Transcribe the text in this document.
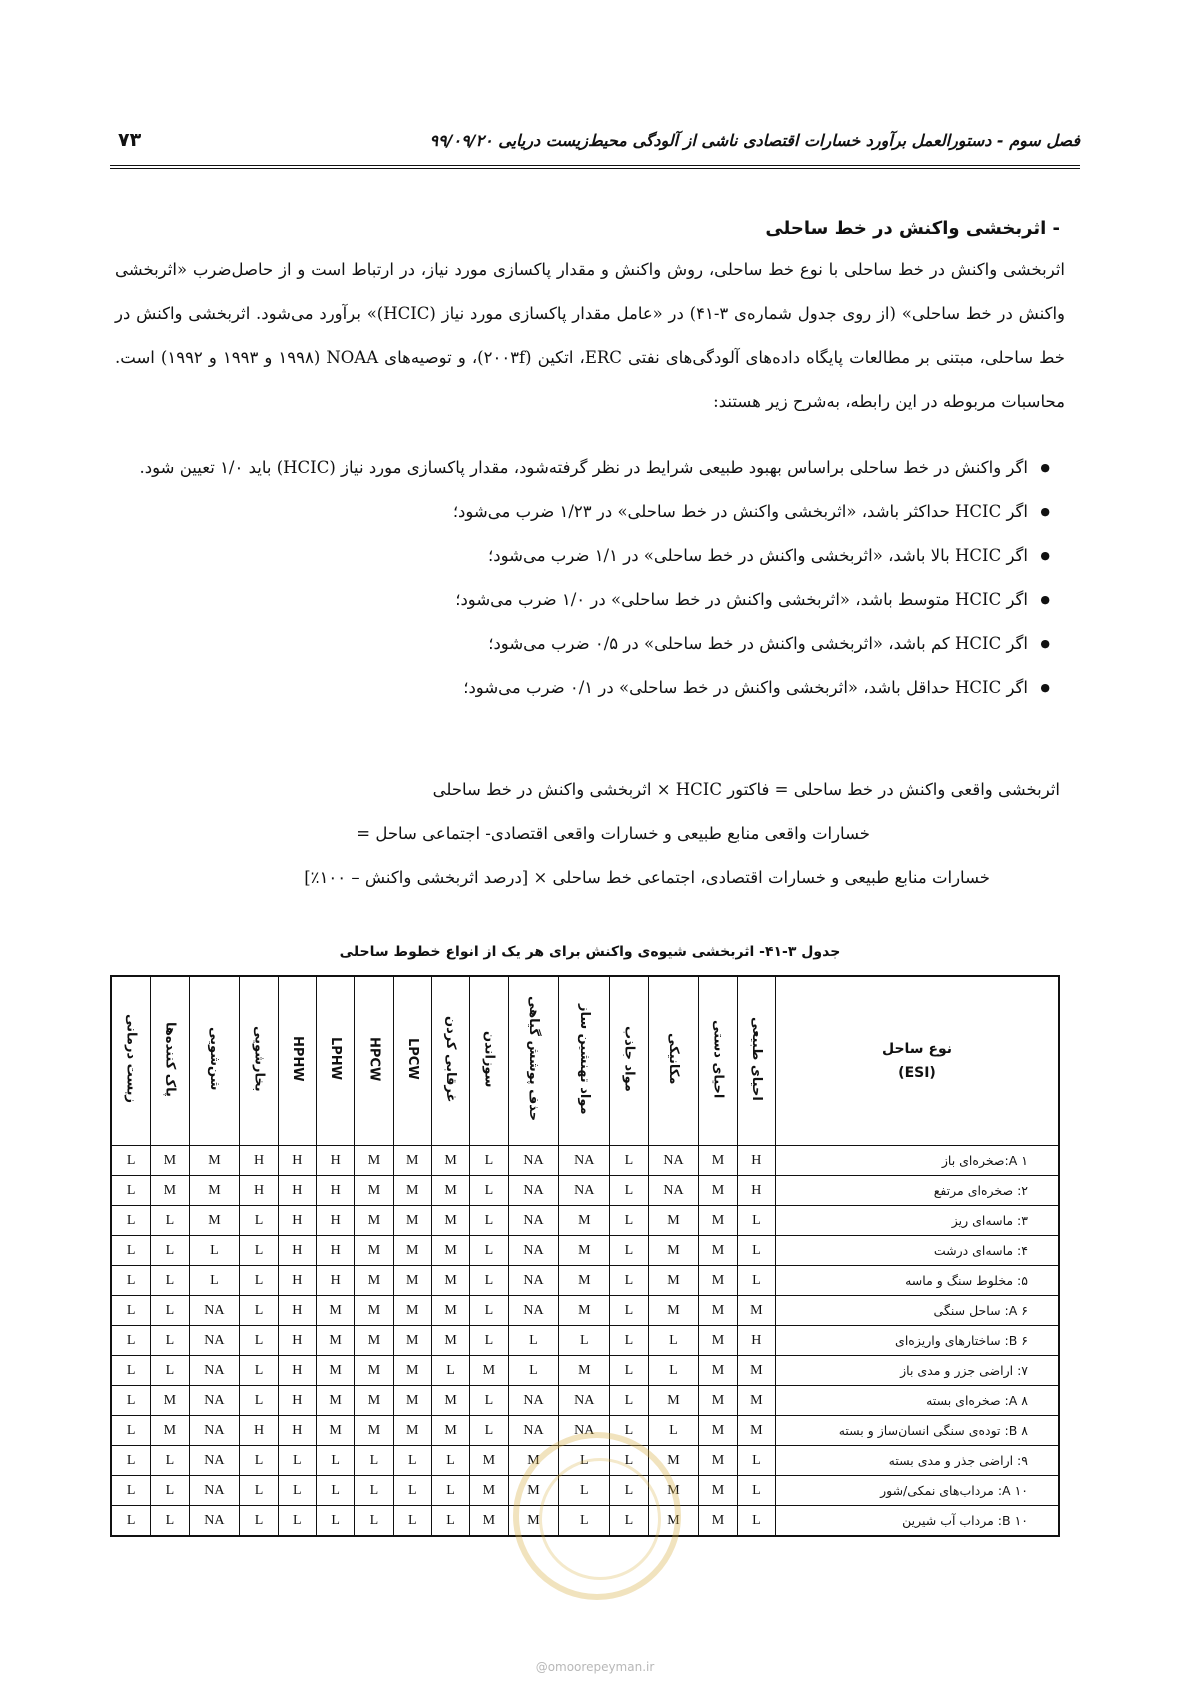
فصل سوم - دستورالعمل برآورد خسارات اقتصادی ناشی از آلودگی محیط‌زیست دریایی ۹۹/۰۹/۲۰
۷۳
- اثربخشی واکنش در خط ساحلی
اثربخشی واکنش در خط ساحلی با نوع خط ساحلی، روش واکنش و مقدار پاکسازی مورد نیاز، در ارتباط است و از حاصل‌ضرب «اثربخشی واکنش در خط ساحلی» (از روی جدول شماره‌ی ۳-۴۱) در «عامل مقدار پاکسازی مورد نیاز (HCIC)» برآورد می‌شود. اثربخشی واکنش در خط ساحلی، مبتنی بر مطالعات پایگاه داده‌های آلودگی‌های نفتی ERC، اتکین (۲۰۰۳f)، و توصیه‌های NOAA (۱۹۹۸ و ۱۹۹۳ و ۱۹۹۲) است. محاسبات مربوطه در این رابطه، به‌شرح زیر هستند:
● اگر واکنش در خط ساحلی براساس بهبود طبیعی شرایط در نظر گرفته‌شود، مقدار پاکسازی مورد نیاز (HCIC) باید ۱/۰ تعیین شود.
● اگر HCIC حداکثر باشد، «اثربخشی واکنش در خط ساحلی» در ۱/۲۳ ضرب می‌شود؛
● اگر HCIC بالا باشد، «اثربخشی واکنش در خط ساحلی» در ۱/۱ ضرب می‌شود؛
● اگر HCIC متوسط باشد، «اثربخشی واکنش در خط ساحلی» در ۱/۰ ضرب می‌شود؛
● اگر HCIC کم باشد، «اثربخشی واکنش در خط ساحلی» در ۰/۵ ضرب می‌شود؛
● اگر HCIC حداقل باشد، «اثربخشی واکنش در خط ساحلی» در ۰/۱ ضرب می‌شود؛
اثربخشی واقعی واکنش در خط ساحلی = فاکتور HCIC × اثربخشی واکنش در خط ساحلی
خسارات واقعی منابع طبیعی و خسارات واقعی اقتصادی- اجتماعی ساحل =
خسارات منابع طبیعی و خسارات اقتصادی، اجتماعی خط ساحلی × [درصد اثربخشی واکنش – ۱۰۰٪]
جدول ۳-۴۱- اثربخشی شیوه‌ی واکنش برای هر یک از انواع خطوط ساحلی
نوع ساحل
(ESI)	احیای طبیعی	احیای دستی	مکانیکی	مواد جاذب	مواد تهنشین ساز	حذف پوشش گیاهی	سوزاندن	غرقابی کردن	LPCW	HPCW	LPHW	HPHW	بخارشویی	شن‌شویی	پاک کننده‌ها	زیست درمانی
A ۱:صخره‌ای باز	H	M	NA	L	NA	NA	L	M	M	M	H	H	H	M	M	L
۲: صخره‌ای مرتفع	H	M	NA	L	NA	NA	L	M	M	M	H	H	H	M	M	L
۳: ماسه‌ای ریز	L	M	M	L	M	NA	L	M	M	M	H	H	L	M	L	L
۴: ماسه‌ای درشت	L	M	M	L	M	NA	L	M	M	M	H	H	L	L	L	L
۵: مخلوط سنگ و ماسه	L	M	M	L	M	NA	L	M	M	M	H	H	L	L	L	L
A ۶: ساحل سنگی	M	M	M	L	M	NA	L	M	M	M	M	H	L	NA	L	L
B ۶: ساختارهای واریزه‌ای	H	M	L	L	L	L	L	M	M	M	M	H	L	NA	L	L
۷: اراضی جزر و مدی باز	M	M	L	L	M	L	M	L	M	M	M	H	L	NA	L	L
A ۸: صخره‌ای بسته	M	M	M	L	NA	NA	L	M	M	M	M	H	L	NA	M	L
B ۸: توده‌ی سنگی انسان‌ساز و بسته	M	M	L	L	NA	NA	L	M	M	M	M	H	H	NA	M	L
۹: اراضی جذر و مدی بسته	L	M	M	L	L	M	M	L	L	L	L	L	L	NA	L	L
A ۱۰: مرداب‌های نمکی/شور	L	M	M	L	L	M	M	L	L	L	L	L	L	NA	L	L
B ۱۰: مرداب آب شیرین	L	M	M	L	L	M	M	L	L	L	L	L	L	NA	L	L
@omoorepeyman.ir
